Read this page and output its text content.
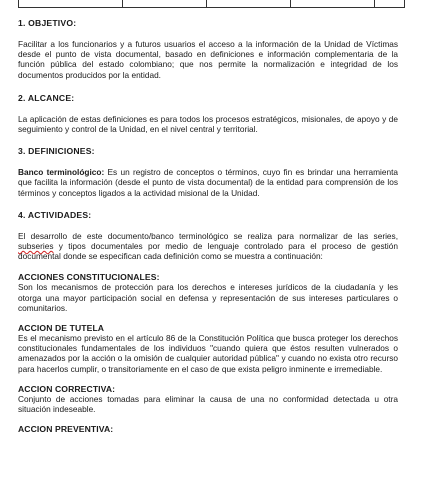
1. OBJETIVO:

Facilitar a los funcionarios y a futuros usuarios el acceso a la información de la Unidad de Víctimas desde el punto de vista documental, basado en definiciones e información complementaria de la función pública del estado colombiano; que nos permite la normalización e integridad de los documentos producidos por la entidad.

2. ALCANCE:

La aplicación de estas definiciones es para todos los procesos estratégicos, misionales, de apoyo y de seguimiento y control de la Unidad, en el nivel central y territorial.

3. DEFINICIONES:

Banco terminológico: Es un registro de conceptos o términos, cuyo fin es brindar una herramienta que facilita la información (desde el punto de vista documental) de la entidad para comprensión de los términos y conceptos ligados a la actividad misional de la Unidad.

4. ACTIVIDADES:

El desarrollo de este documento/banco terminológico se realiza para normalizar de las series, subseries y tipos documentales por medio de lenguaje controlado para el proceso de gestión documental donde se especifican cada definición como se muestra a continuación:

ACCIONES CONSTITUCIONALES:

Son los mecanismos de protección para los derechos e intereses jurídicos de la ciudadanía y les otorga una mayor participación social en defensa y representación de sus intereses particulares o comunitarios.

ACCION DE TUTELA

Es el mecanismo previsto en el artículo 86 de la Constitución Política que busca proteger los derechos constitucionales fundamentales de los individuos "cuando quiera que éstos resulten vulnerados o amenazados por la acción o la omisión de cualquier autoridad pública" y cuando no exista otro recurso para hacerlos cumplir, o transitoriamente en el caso de que exista peligro inminente e irremediable.

ACCION CORRECTIVA:

Conjunto de acciones tomadas para eliminar la causa de una no conformidad detectada u otra situación indeseable.

ACCION PREVENTIVA:
